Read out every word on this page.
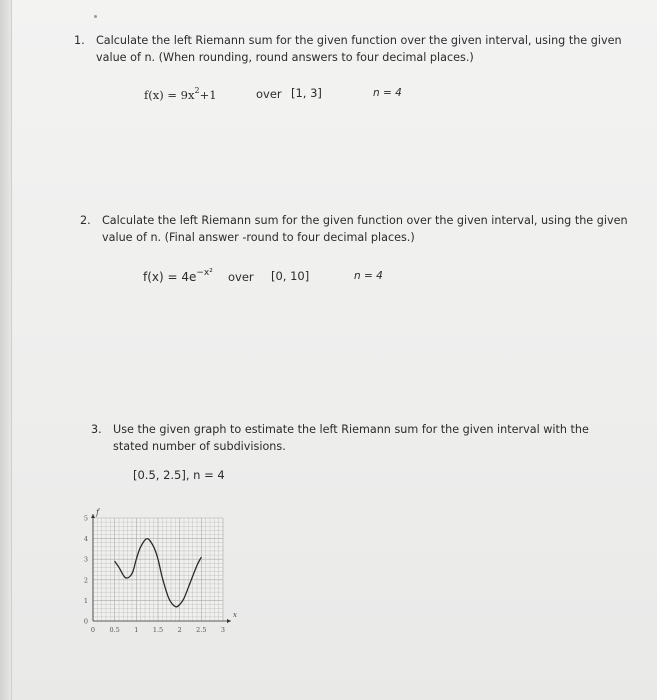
1. Calculate the left Riemann sum for the given function over the given interval, using the given
value of n. (When rounding, round answers to four decimal places.)
$f(x) = 9x^2+1$	over [1, 3]	n = 4
2. Calculate the left Riemann sum for the given function over the given interval, using the given
value of n. (Final answer -round to four decimal places.)
$f(x) = 4e^{-x^2}$ over [0, 10]	n = 4
3. Use the given graph to estimate the left Riemann sum for the given interval with the
stated number of subdivisions.
[0.5, 2.5], n = 4
0 0.5 1 1.5 2 2.5 3
0
1
2
3
4
5
x
f
